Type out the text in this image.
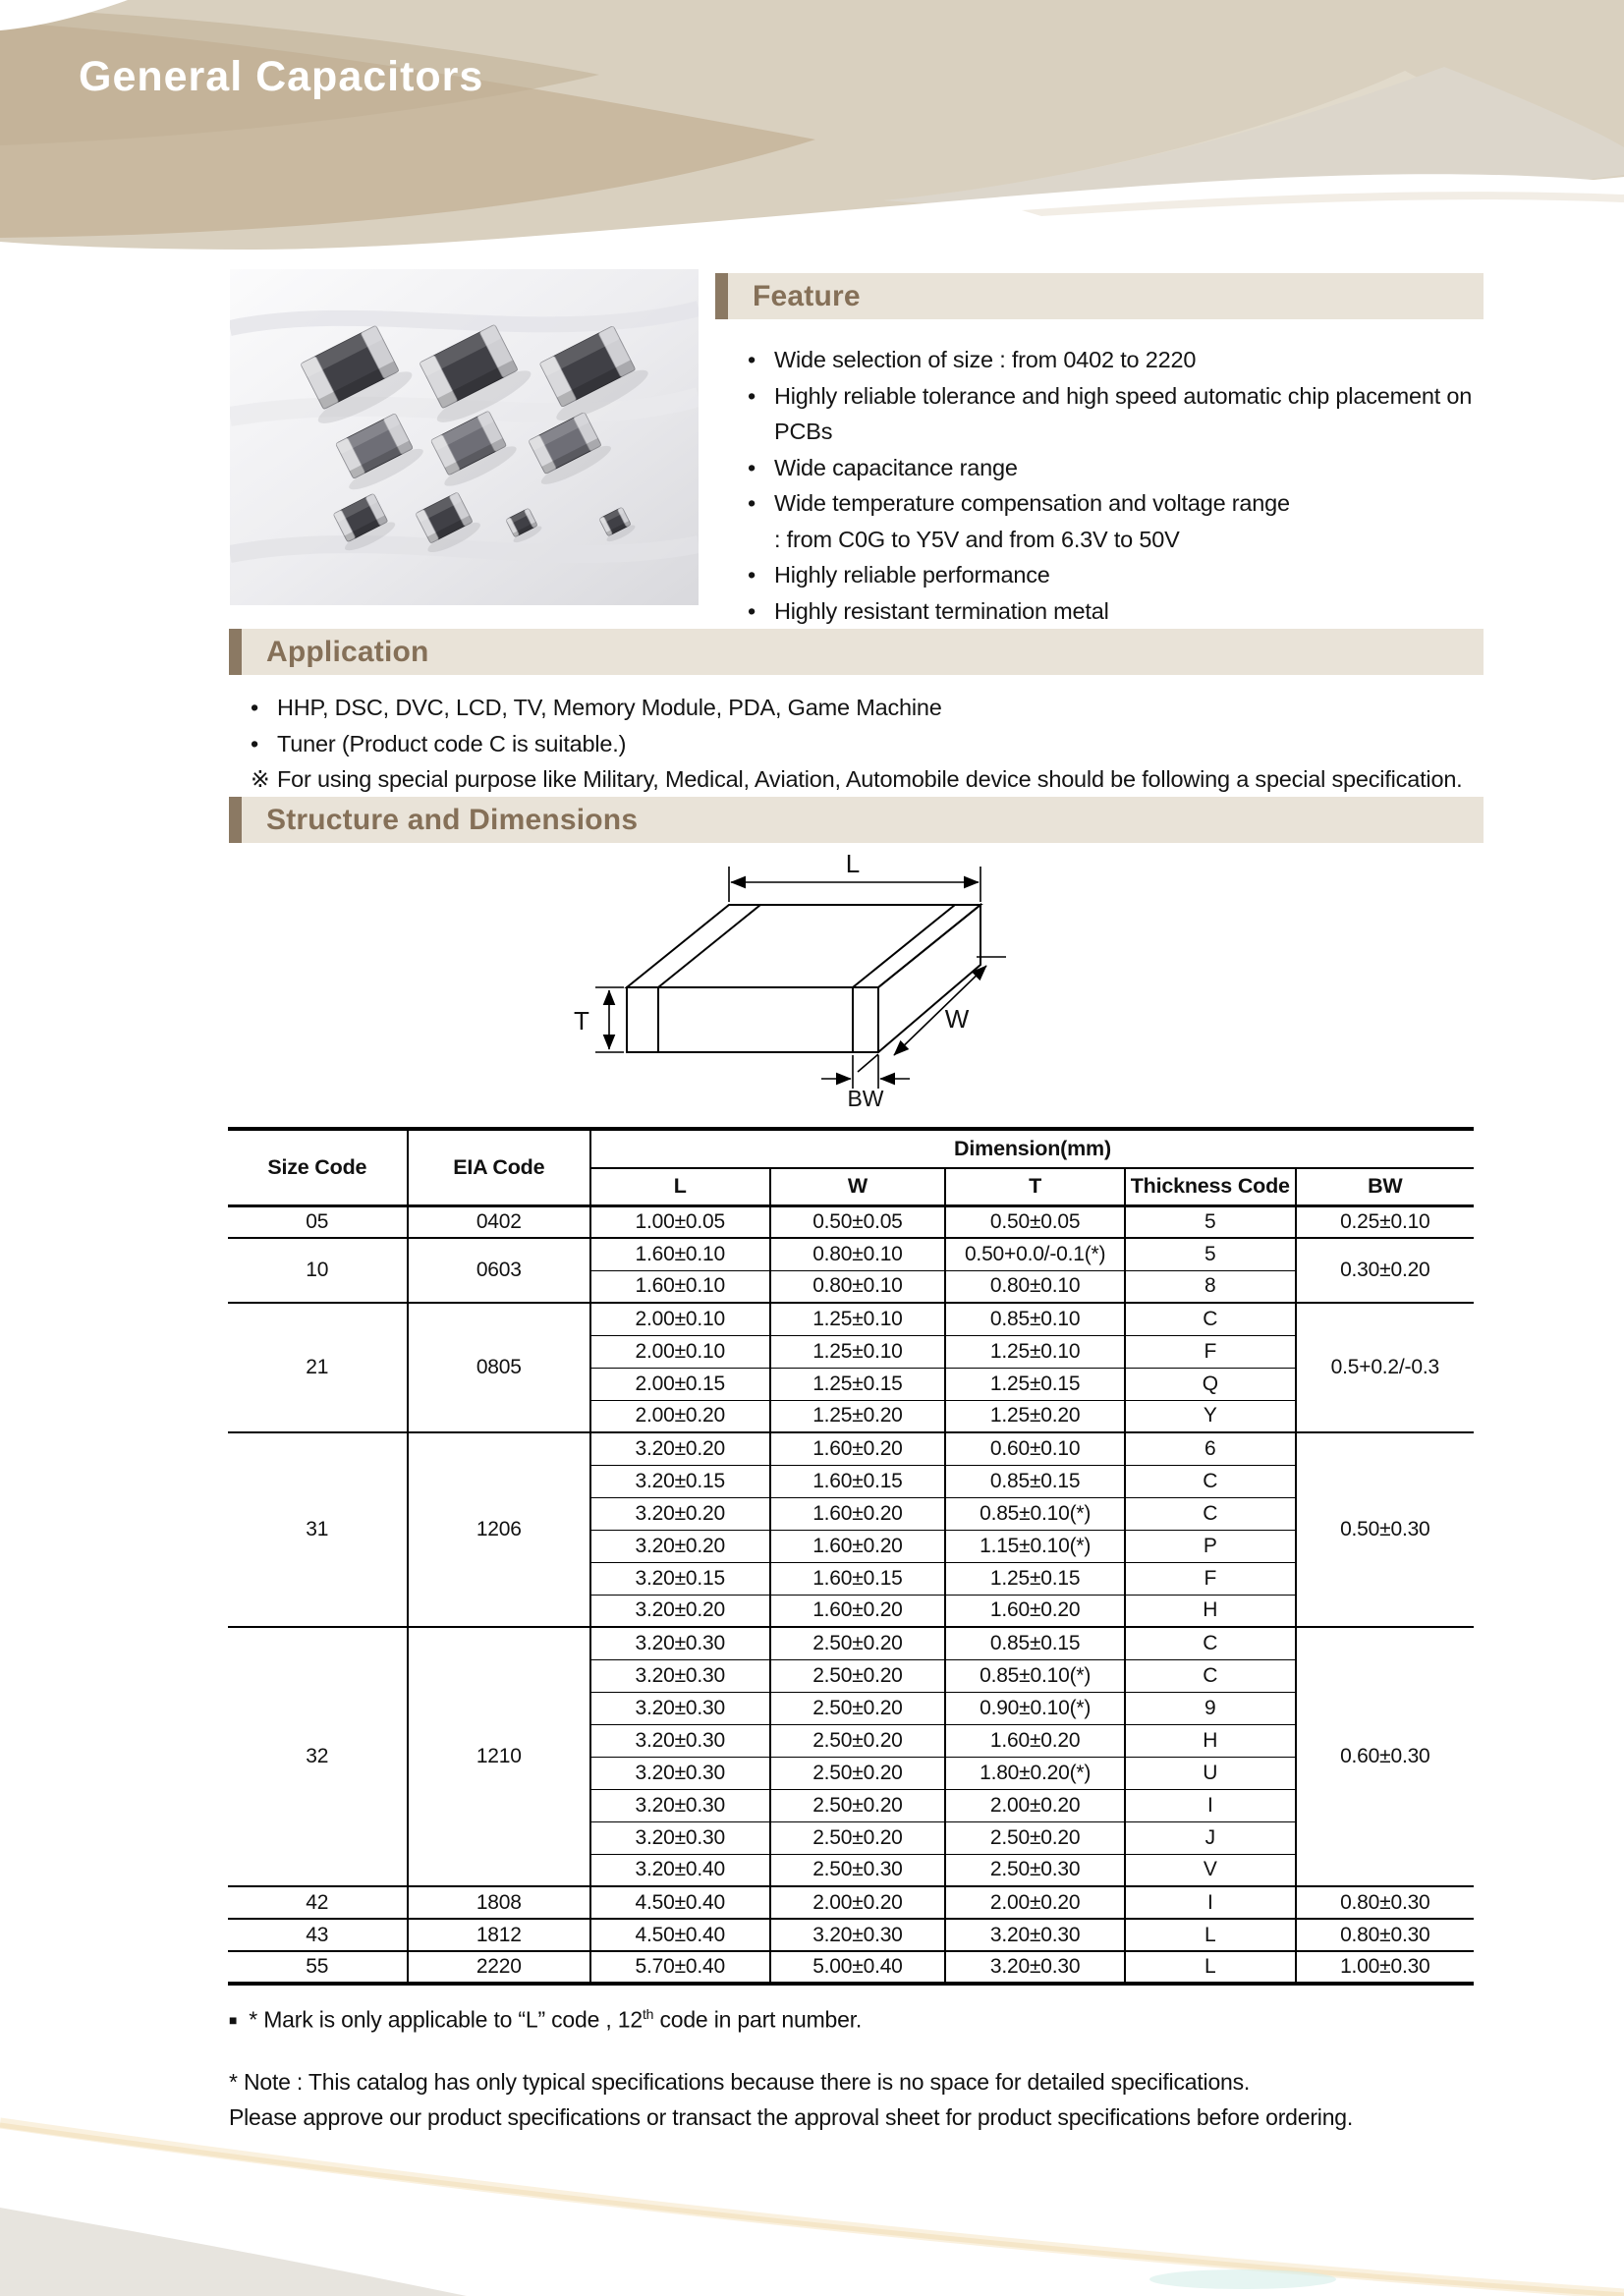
General Capacitors
Feature
• Wide selection of size : from 0402 to 2220
• Highly reliable tolerance and high speed automatic chip placement on PCBs
• Wide capacitance range
• Wide temperature compensation and voltage range
: from C0G to Y5V and from 6.3V to 50V
• Highly reliable performance
• Highly resistant termination metal
Application
• HHP, DSC, DVC, LCD, TV, Memory Module, PDA, Game Machine
• Tuner (Product code C is suitable.)
※ For using special purpose like Military, Medical, Aviation, Automobile device should be following a special specification.
Structure and Dimensions
L
T	W
BW
Size Code	EIA Code	Dimension(mm)				
		L	W	T	Thickness Code	BW
05	0402	1.00±0.05	0.50±0.05	0.50±0.05	5	0.25±0.10
10	0603	1.60±0.10	0.80±0.10	0.50+0.0/-0.1(*)	5	0.30±0.20
		1.60±0.10	0.80±0.10	0.80±0.10	8	
21	0805	2.00±0.10	1.25±0.10	0.85±0.10	C	0.5+0.2/-0.3
		2.00±0.10	1.25±0.10	1.25±0.10	F	
		2.00±0.15	1.25±0.15	1.25±0.15	Q	
		2.00±0.20	1.25±0.20	1.25±0.20	Y	
31	1206	3.20±0.20	1.60±0.20	0.60±0.10	6	0.50±0.30
		3.20±0.15	1.60±0.15	0.85±0.15	C	
		3.20±0.20	1.60±0.20	0.85±0.10(*)	C	
		3.20±0.20	1.60±0.20	1.15±0.10(*)	P	
		3.20±0.15	1.60±0.15	1.25±0.15	F	
		3.20±0.20	1.60±0.20	1.60±0.20	H	
32	1210	3.20±0.30	2.50±0.20	0.85±0.15	C	0.60±0.30
		3.20±0.30	2.50±0.20	0.85±0.10(*)	C	
		3.20±0.30	2.50±0.20	0.90±0.10(*)	9	
		3.20±0.30	2.50±0.20	1.60±0.20	H	
		3.20±0.30	2.50±0.20	1.80±0.20(*)	U	
		3.20±0.30	2.50±0.20	2.00±0.20	I	
		3.20±0.30	2.50±0.20	2.50±0.20	J	
		3.20±0.40	2.50±0.30	2.50±0.30	V	
42	1808	4.50±0.40	2.00±0.20	2.00±0.20	I	0.80±0.30
43	1812	4.50±0.40	3.20±0.30	3.20±0.30	L	0.80±0.30
55	2220	5.70±0.40	5.00±0.40	3.20±0.30	L	1.00±0.30

■ * Mark is only applicable to “L” code , 12th code in part number.

* Note : This catalog has only typical specifications because there is no space for detailed specifications.

Please approve our product specifications or transact the approval sheet for product specifications before ordering.
